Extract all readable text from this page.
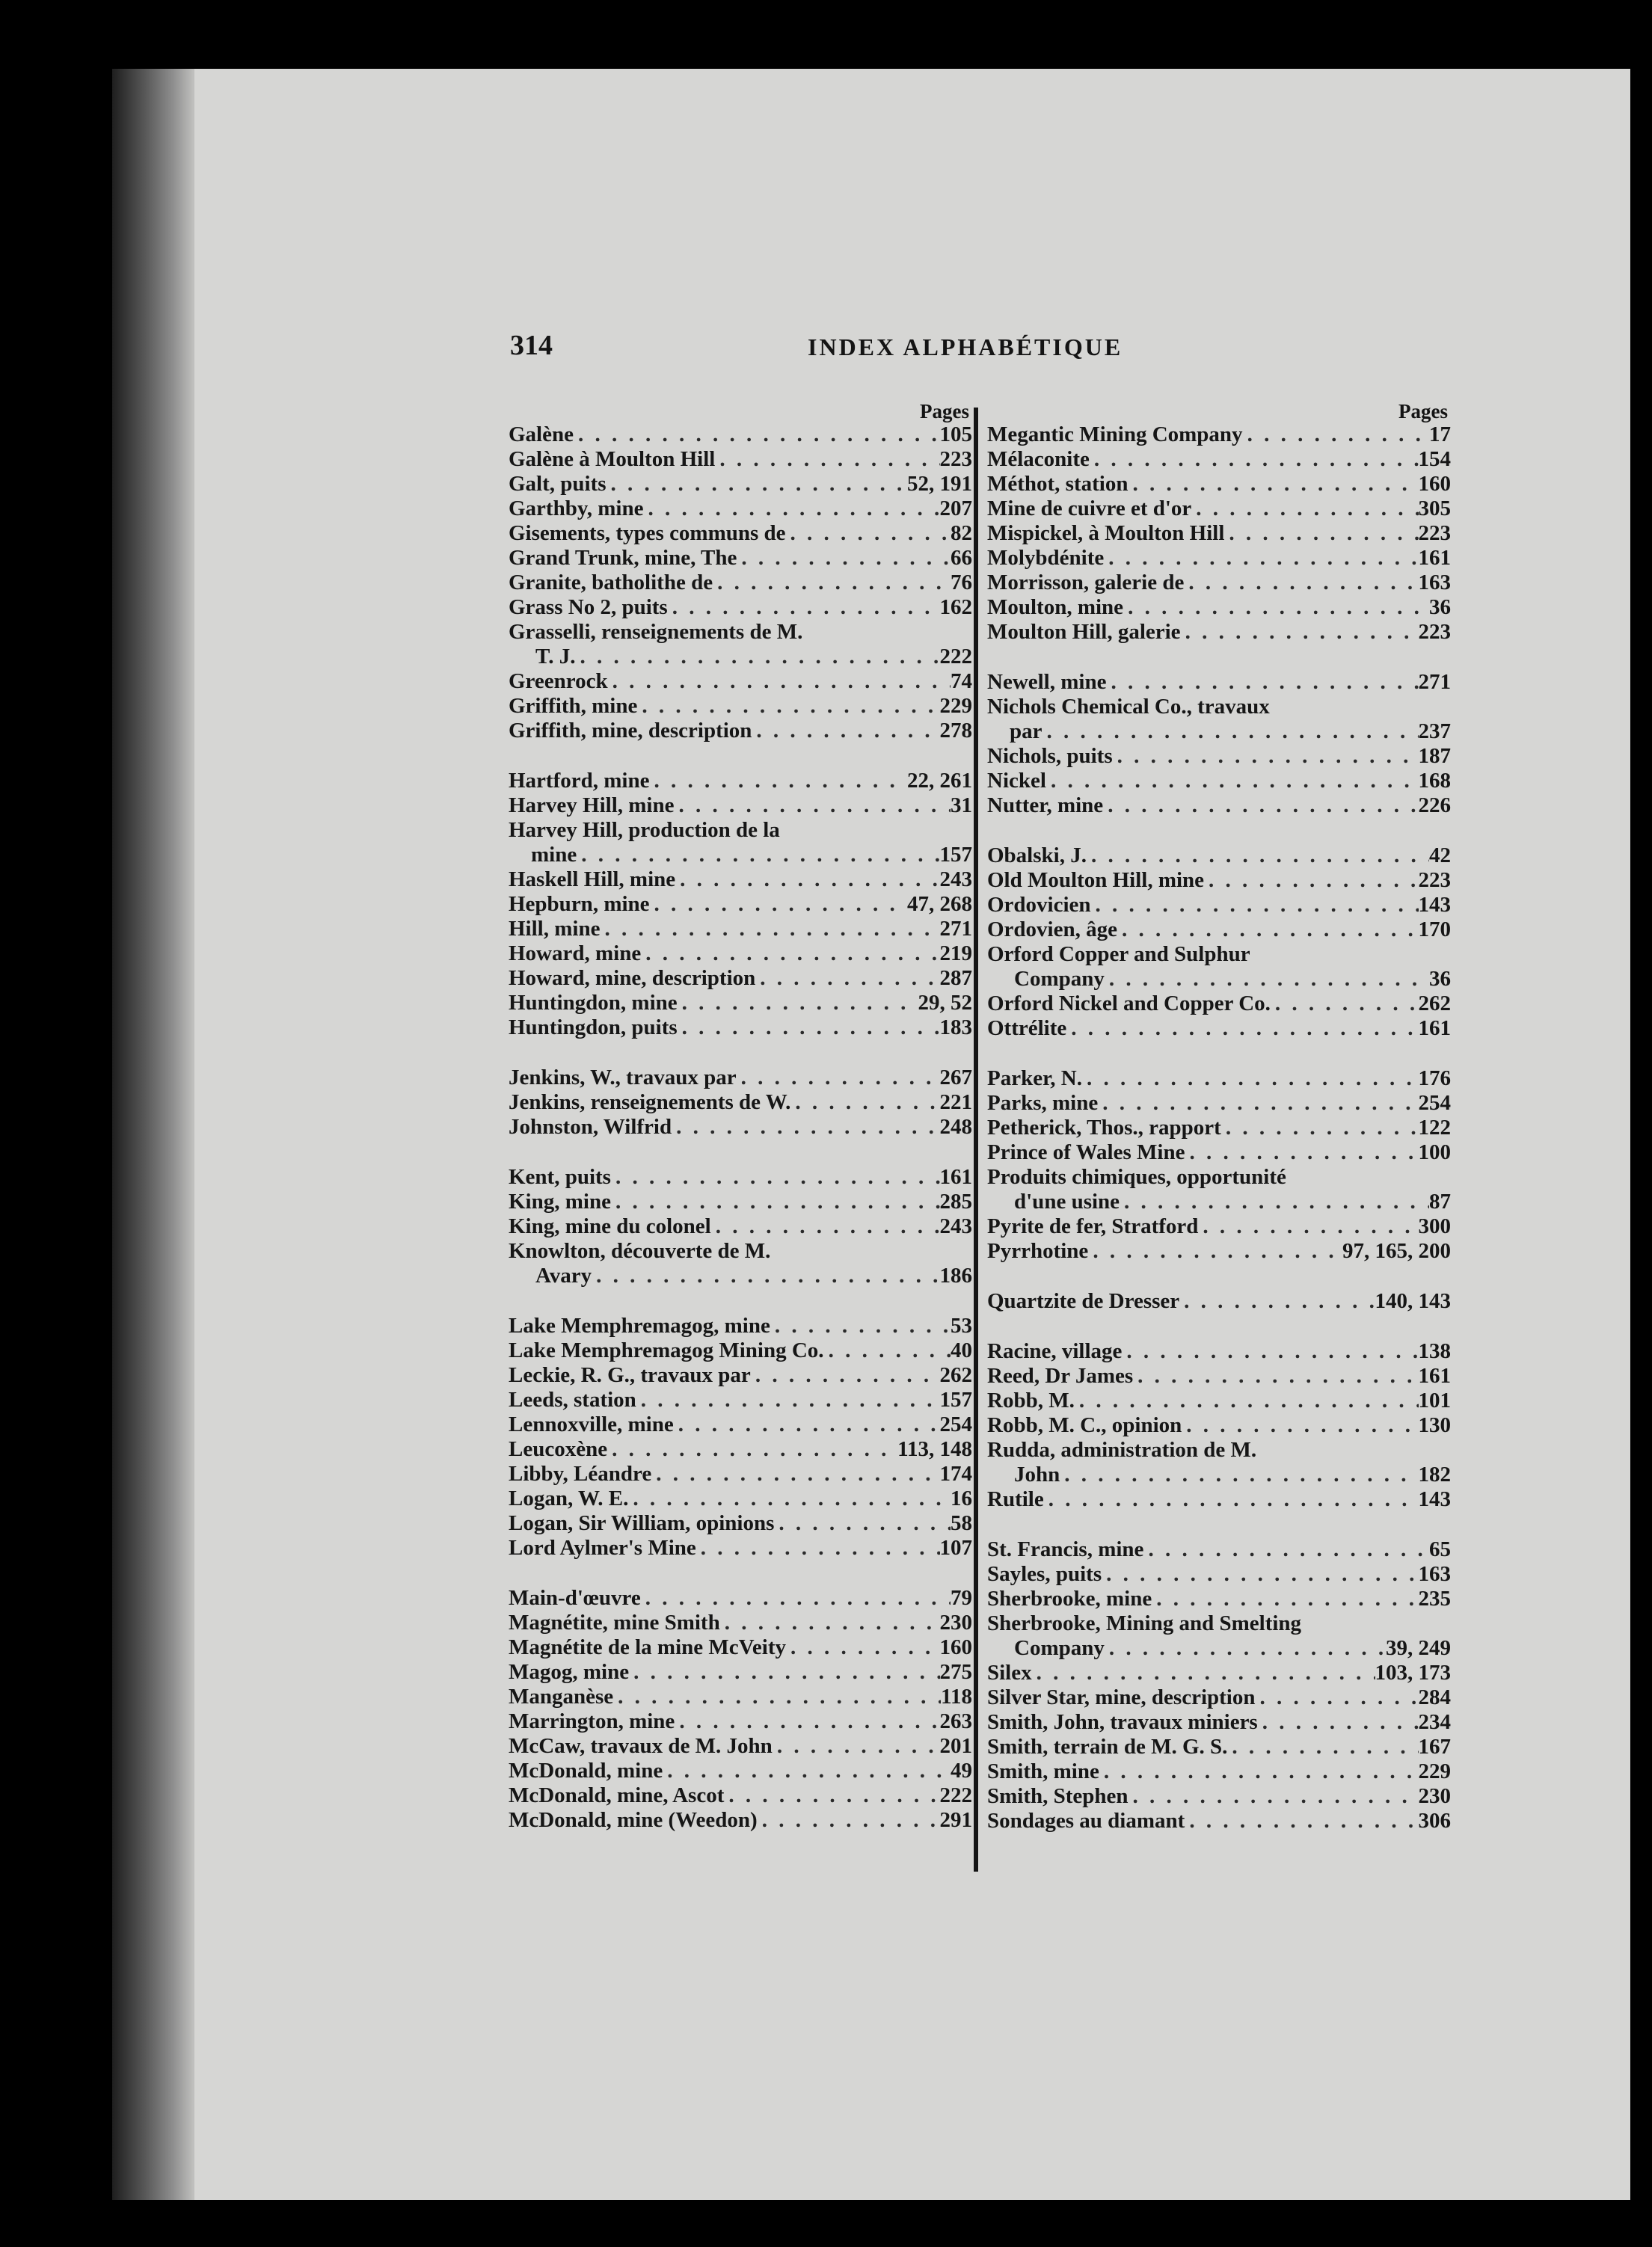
314	INDEX ALPHABÉTIQUE
Pages
Galène . . .	105
Galène à Moulton Hill . . .	223
Galt, puits . . .	52, 191
Garthby, mine . . .	207
Gisements, types communs de . . .	82
Grand Trunk, mine, The . . .	66
Granite, batholithe de . . .	76
Grass No 2, puits . . .	162
Grasselli, renseignements de M.
T. J. . . .	222
Greenrock . . .	74
Griffith, mine . . .	229
Griffith, mine, description . . .	278
Hartford, mine . . .	22, 261
Harvey Hill, mine . . .	31
Harvey Hill, production de la
mine . . .	157
Haskell Hill, mine . . .	243
Hepburn, mine . . .	47, 268
Hill, mine . . .	271
Howard, mine . . .	219
Howard, mine, description . . .	287
Huntingdon, mine . . .	29, 52
Huntingdon, puits . . .	183
Jenkins, W., travaux par . . .	267
Jenkins, renseignements de W. . . .	221
Johnston, Wilfrid . . .	248
Kent, puits . . .	161
King, mine . . .	285
King, mine du colonel . . .	243
Knowlton, découverte de M.
Avary . . .	186
Lake Memphremagog, mine . . .	53
Lake Memphremagog Mining Co. . . .	40
Leckie, R. G., travaux par . . .	262
Leeds, station . . .	157
Lennoxville, mine . . .	254
Leucoxène . . .	113, 148
Libby, Léandre . . .	174
Logan, W. E. . . .	16
Logan, Sir William, opinions . . .	58
Lord Aylmer's Mine . . .	107
Main-d'œuvre . . .	79
Magnétite, mine Smith . . .	230
Magnétite de la mine McVeity . . .	160
Magog, mine . . .	275
Manganèse . . .	118
Marrington, mine . . .	263
McCaw, travaux de M. John . . .	201
McDonald, mine . . .	49
McDonald, mine, Ascot . . .	222
McDonald, mine (Weedon) . . .	291
Pages
Megantic Mining Company . . .	17
Mélaconite . . .	154
Méthot, station . . .	160
Mine de cuivre et d'or . . .	305
Mispickel, à Moulton Hill . . .	223
Molybdénite . . .	161
Morrisson, galerie de . . .	163
Moulton, mine . . .	36
Moulton Hill, galerie . . .	223
Newell, mine . . .	271
Nichols Chemical Co., travaux
par . . .	237
Nichols, puits . . .	187
Nickel . . .	168
Nutter, mine . . .	226
Obalski, J. . . .	42
Old Moulton Hill, mine . . .	223
Ordovicien . . .	143
Ordovien, âge . . .	170
Orford Copper and Sulphur
Company . . .	36
Orford Nickel and Copper Co. . . .	262
Ottrélite . . .	161
Parker, N. . . .	176
Parks, mine . . .	254
Petherick, Thos., rapport . . .	122
Prince of Wales Mine . . .	100
Produits chimiques, opportunité
d'une usine . . .	87
Pyrite de fer, Stratford . . .	300
Pyrrhotine . . .	97, 165, 200
Quartzite de Dresser . . .	140, 143
Racine, village . . .	138
Reed, Dr James . . .	161
Robb, M. . . .	101
Robb, M. C., opinion . . .	130
Rudda, administration de M.
John . . .	182
Rutile . . .	143
St. Francis, mine . . .	65
Sayles, puits . . .	163
Sherbrooke, mine . . .	235
Sherbrooke, Mining and Smelting
Company . . .	39, 249
Silex . . .	103, 173
Silver Star, mine, description . . .	284
Smith, John, travaux miniers . . .	234
Smith, terrain de M. G. S. . . .	167
Smith, mine . . .	229
Smith, Stephen . . .	230
Sondages au diamant . . .	306
